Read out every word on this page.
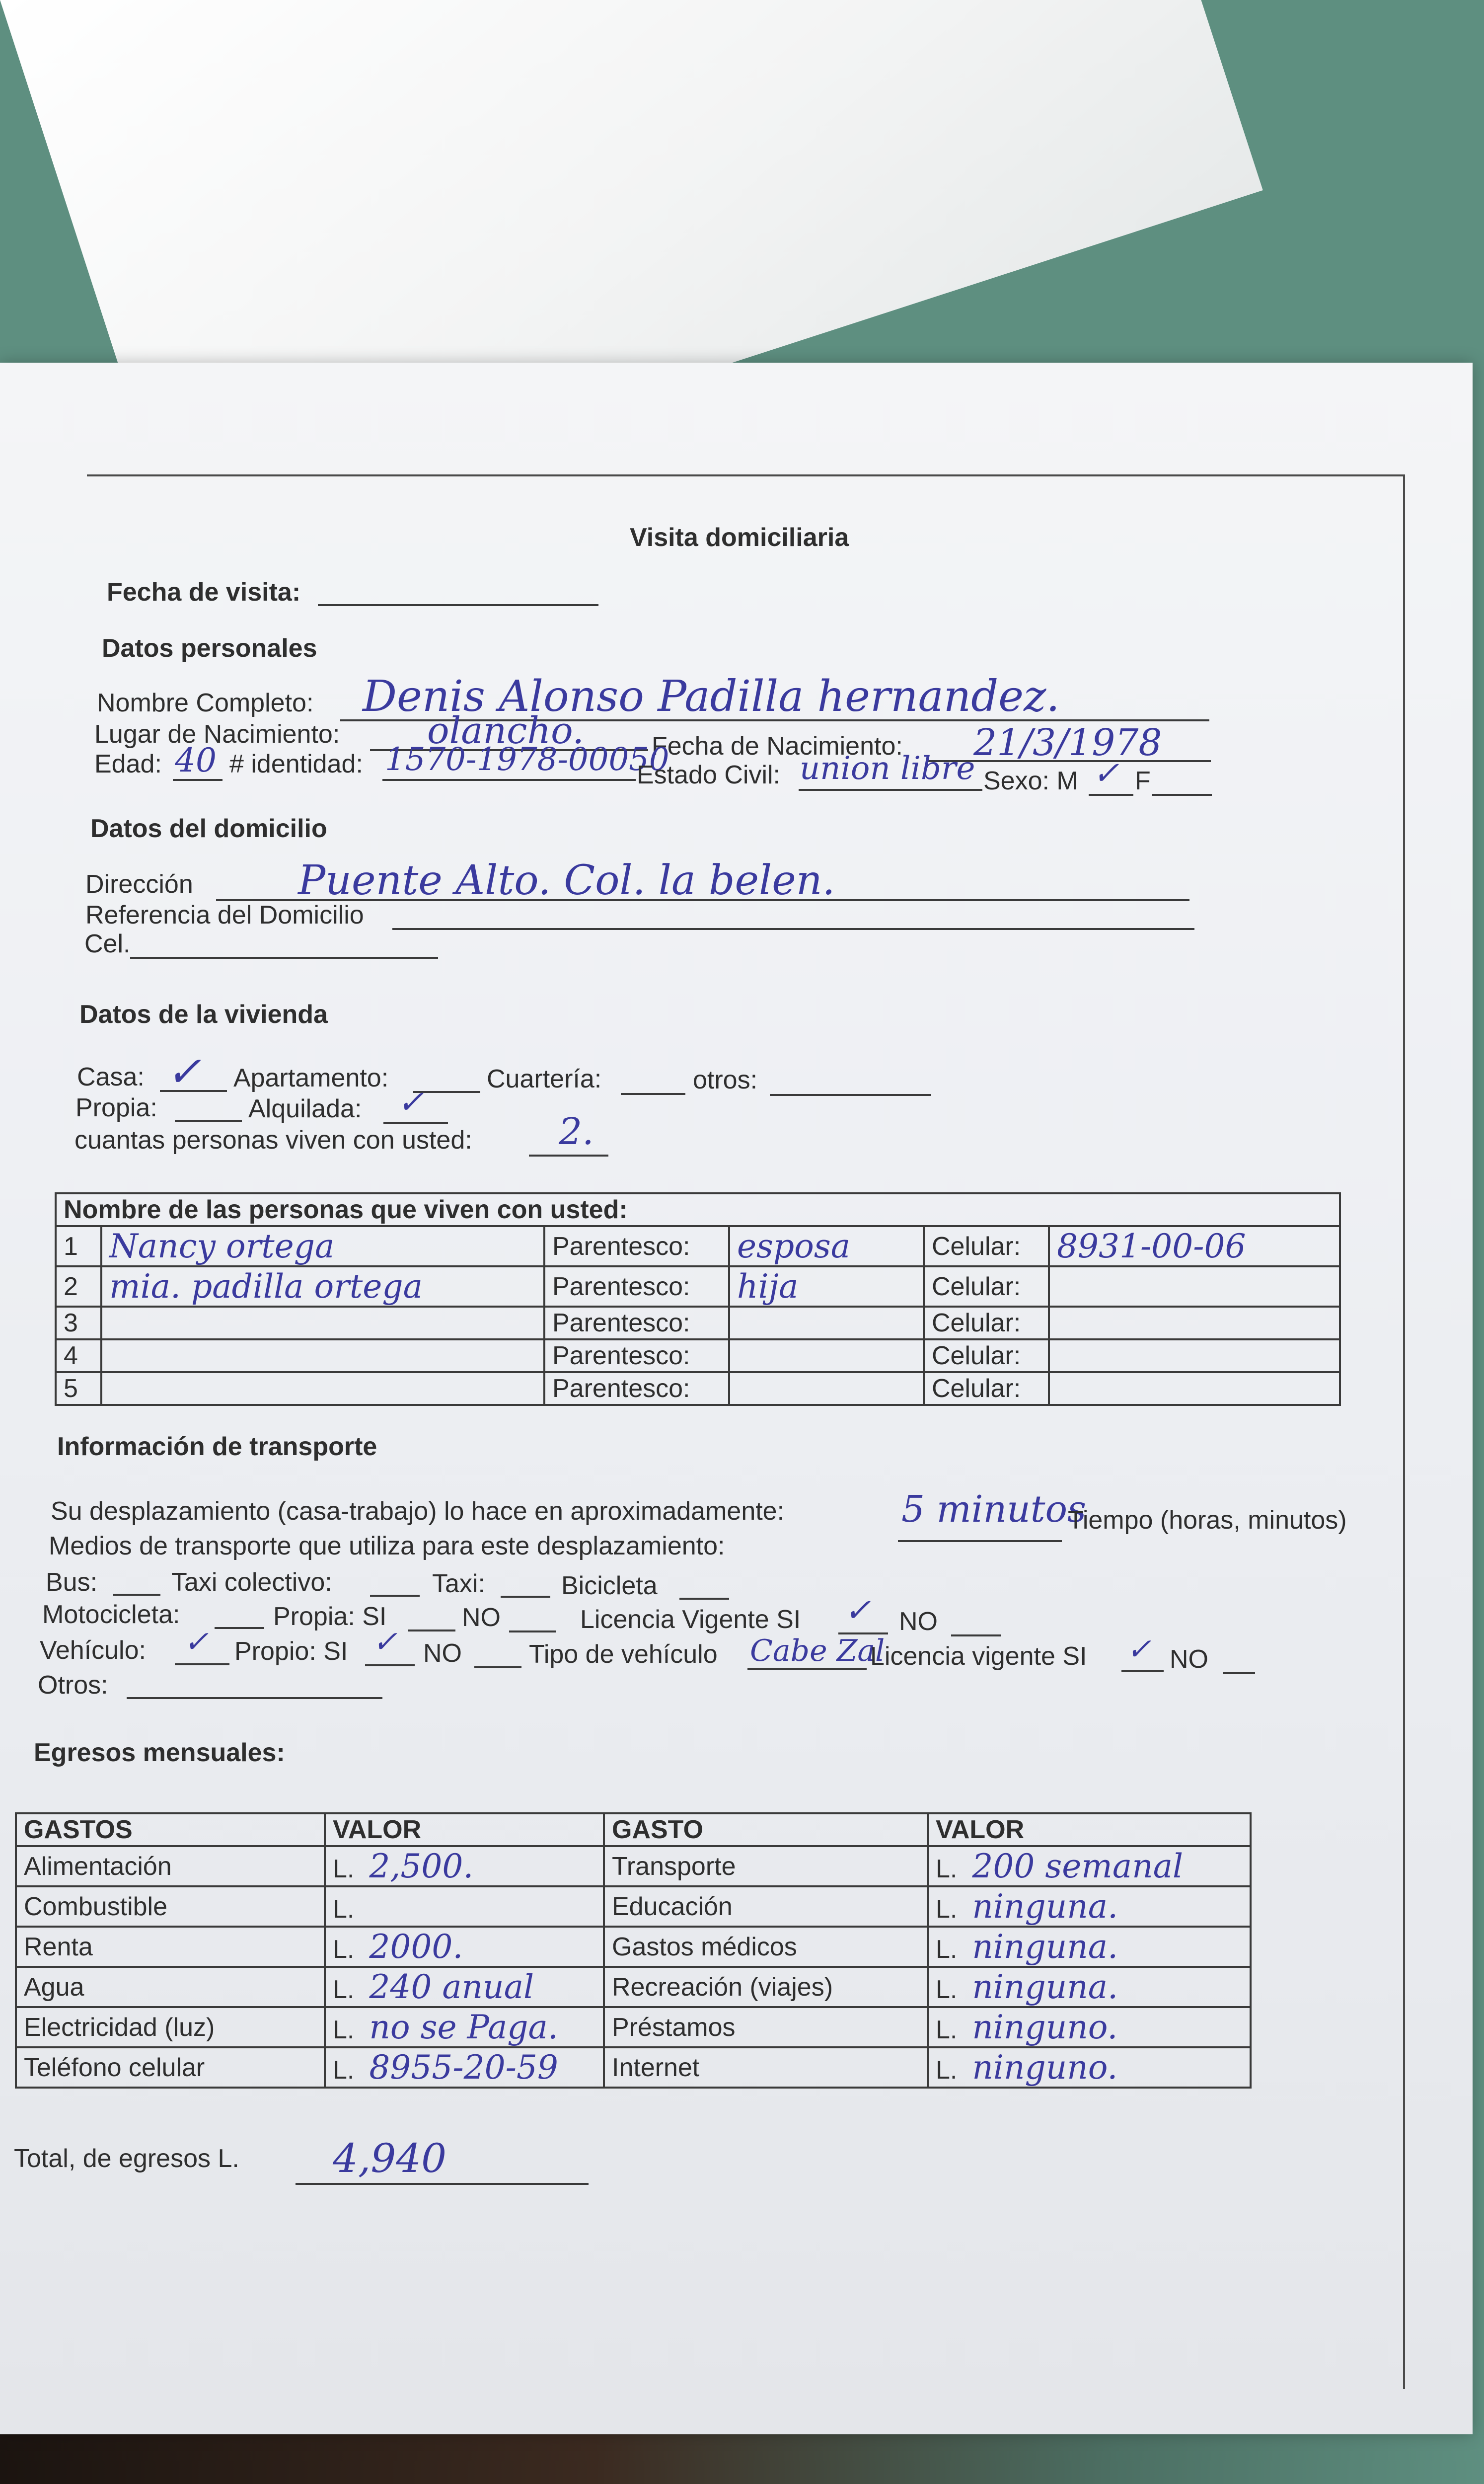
Visita domiciliaria
Fecha de visita:
Datos personales
Nombre Completo: Denis Alonso Padilla hernandez.
Lugar de Nacimiento: olancho.	Fecha de Nacimiento: 21/3/1978
Edad: 40 # identidad: 1570-1978-00050
Estado Civil: union libre Sexo: M ✓ F
Datos del domicilio
Dirección	Puente Alto. Col. la belen.
Referencia del Domicilio
Cel.
Datos de la vivienda
Casa: ✓ Apartamento:	Cuartería:	otros:
Propia:	Alquilada: ✓
cuantas personas viven con usted: 2.
Nombre de las personas que viven con usted:					
1	Nancy ortega	Parentesco:	esposa	Celular:	8931-00-06
2	mia. padilla ortega	Parentesco:	hija	Celular:	
3		Parentesco:		Celular:	
4		Parentesco:		Celular:	
5		Parentesco:		Celular:	
Información de transporte
Su desplazamiento (casa-trabajo) lo hace en aproximadamente:	5 minutos
Tiempo (horas, minutos)
Medios de transporte que utiliza para este desplazamiento:
Bus:	Taxi colectivo:	Taxi:	Bicicleta
Motocicleta:	Propia: SI	NO	Licencia Vigente SI ✓ NO
Vehículo: ✓ Propio: SI ✓ NO	Tipo de vehículo Cabe Zal
Licencia vigente SI ✓ NO
Otros:
Egresos mensuales:
GASTOS	VALOR	GASTO	VALOR
Alimentación	L. 2,500.	Transporte	L. 200 semanal
Combustible	L.	Educación	L. ninguna.
Renta	L. 2000.	Gastos médicos	L. ninguna.
Agua	L. 240 anual	Recreación (viajes)	L. ninguna.
Electricidad (luz)	L. no se Paga.	Préstamos	L. ninguno.
Teléfono celular	L. 8955-20-59	Internet	L. ninguno.
Total, de egresos L. 4,940
